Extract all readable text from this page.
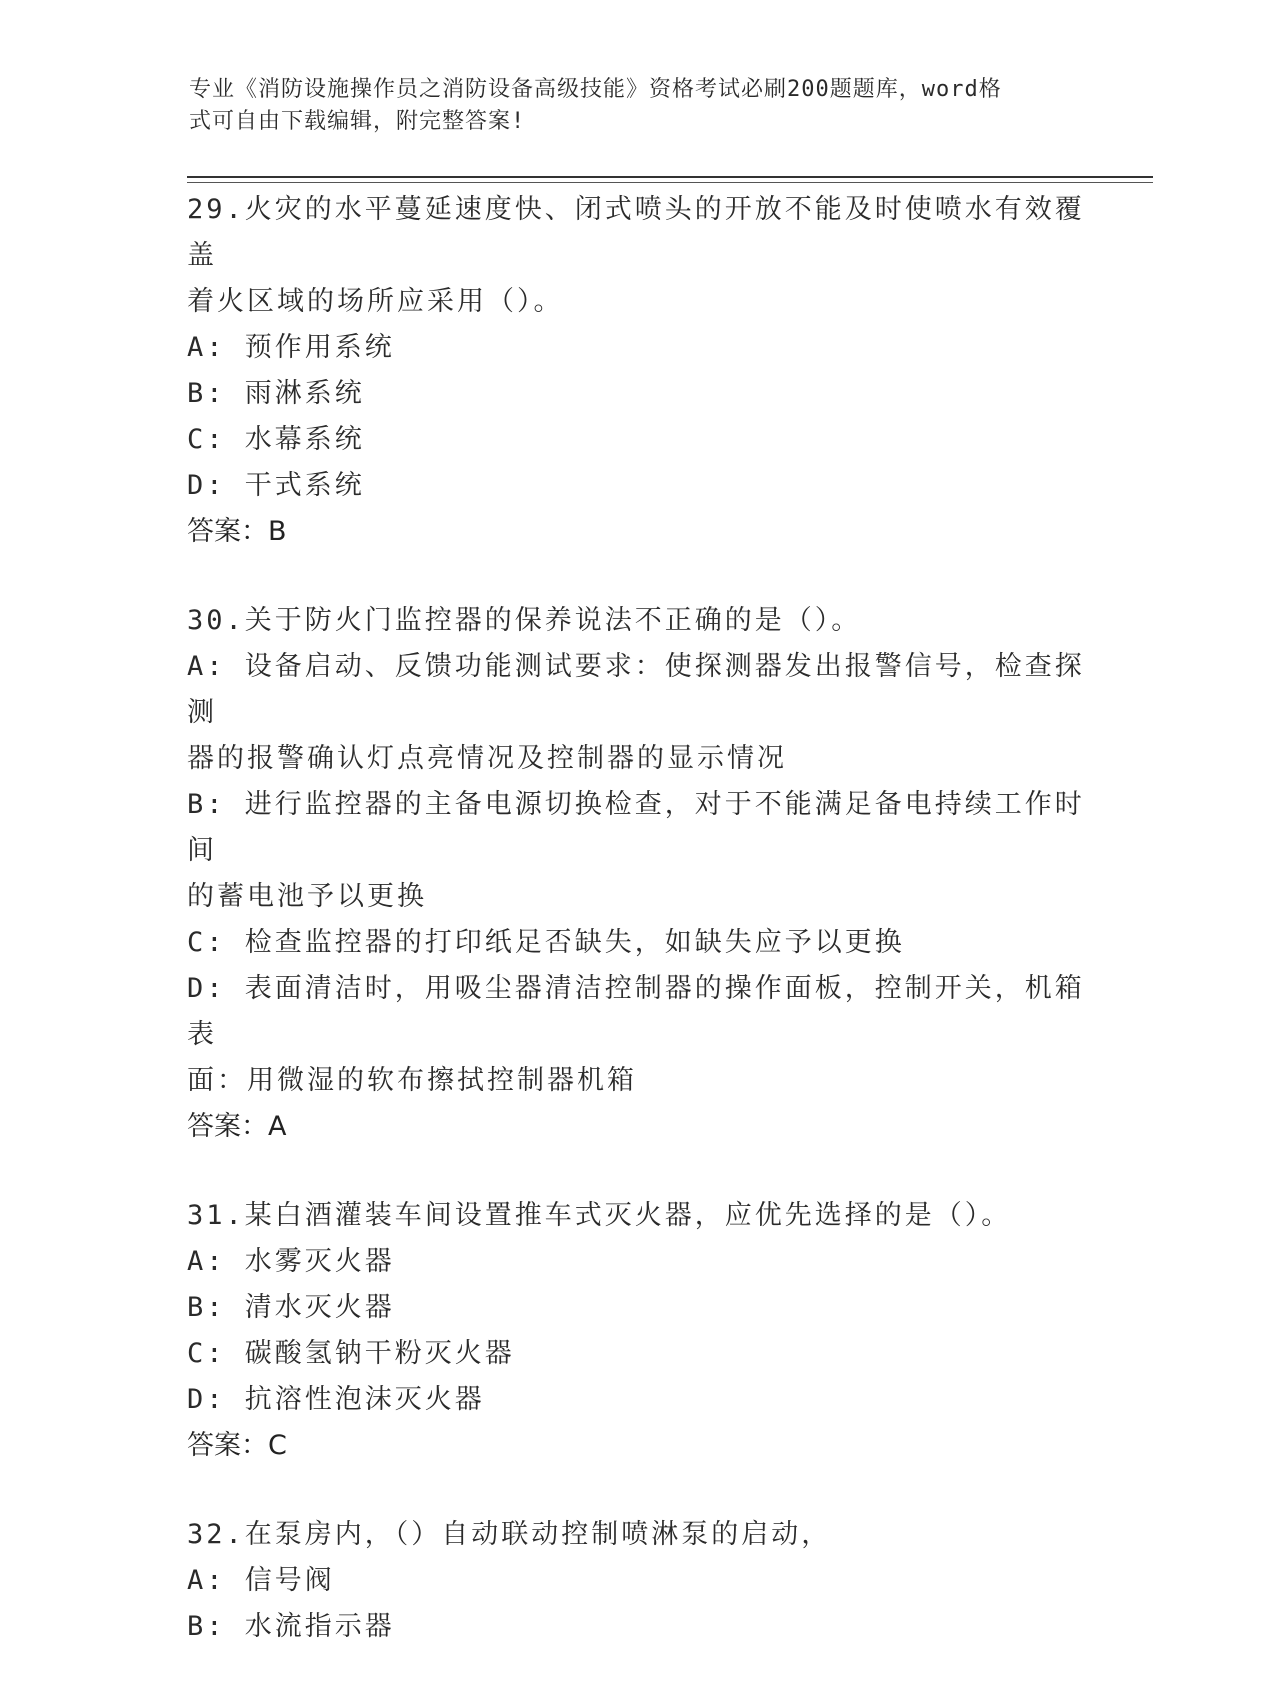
专业《消防设施操作员之消防设备高级技能》资格考试必刷200题题库，word格
式可自由下载编辑，附完整答案!
29.火灾的水平蔓延速度快、闭式喷头的开放不能及时使喷水有效覆盖
着火区域的场所应采用（）。
A: 预作用系统
B: 雨淋系统
C: 水幕系统
D: 干式系统
答案：B
30.关于防火门监控器的保养说法不正确的是（）。
A: 设备启动、反馈功能测试要求：使探测器发出报警信号，检查探测
器的报警确认灯点亮情况及控制器的显示情况
B: 进行监控器的主备电源切换检查，对于不能满足备电持续工作时间
的蓄电池予以更换
C: 检查监控器的打印纸足否缺失，如缺失应予以更换
D: 表面清洁时，用吸尘器清洁控制器的操作面板，控制开关，机箱表
面：用微湿的软布擦拭控制器机箱
答案：A
31.某白酒灌装车间设置推车式灭火器，应优先选择的是（）。
A: 水雾灭火器
B: 清水灭火器
C: 碳酸氢钠干粉灭火器
D: 抗溶性泡沫灭火器
答案：C
32.在泵房内，（）自动联动控制喷淋泵的启动，
A: 信号阀
B: 水流指示器
